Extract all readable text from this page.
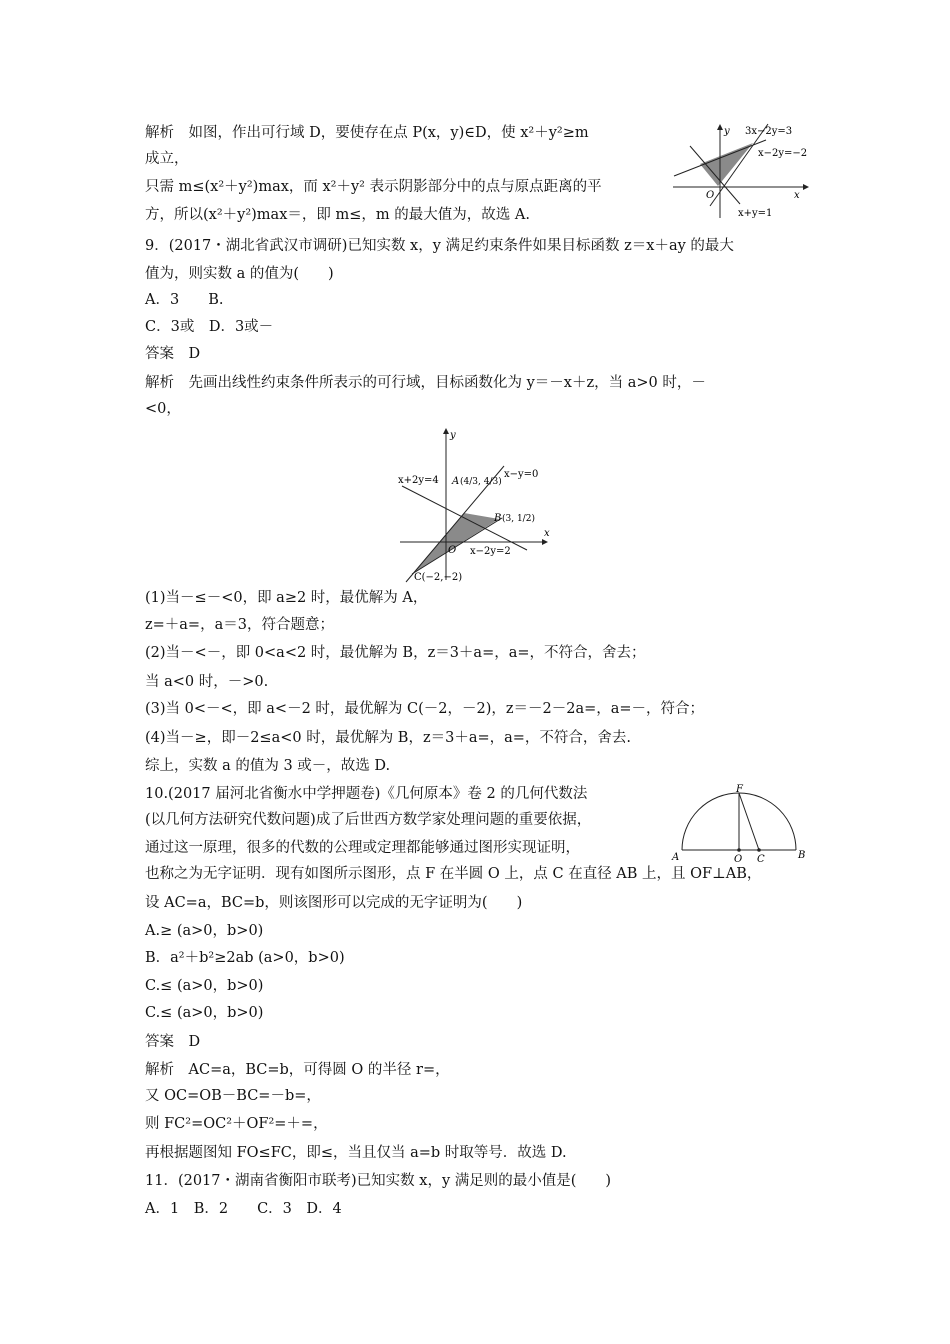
解析　如图，作出可行域 D，要使存在点 P(x，y)∈D，使 x²＋y²≥m
成立，
只需 m≤(x²＋y²)max，而 x²＋y² 表示阴影部分中的点与原点距离的平
方，所以(x²＋y²)max＝，即 m≤，m 的最大值为，故选 A.
9．(2017・湖北省武汉市调研)已知实数 x，y 满足约束条件如果目标函数 z＝x＋ay 的最大
值为，则实数 a 的值为(　　)
A．3　　B.
C．3或　D．3或－
答案　D
解析　先画出线性约束条件所表示的可行域，目标函数化为 y＝－x＋z，当 a>0 时，－
<0，
(1)当－≤－<0，即 a≥2 时，最优解为 A，
z=＋a=，a＝3，符合题意；
(2)当－<－，即 0<a<2 时，最优解为 B，z＝3＋a=，a=，不符合，舍去；
当 a<0 时，－>0.
(3)当 0<－<，即 a<－2 时，最优解为 C(－2，－2)，z＝－2－2a=，a=－，符合；
(4)当－≥，即－2≤a<0 时，最优解为 B，z＝3＋a=，a=，不符合，舍去.
综上，实数 a 的值为 3 或－，故选 D.
10.(2017 届河北省衡水中学押题卷)《几何原本》卷 2 的几何代数法
(以几何方法研究代数问题)成了后世西方数学家处理问题的重要依据，
通过这一原理，很多的代数的公理或定理都能够通过图形实现证明，
也称之为无字证明．现有如图所示图形，点 F 在半圆 O 上，点 C 在直径 AB 上，且 OF⊥AB，
设 AC=a，BC=b，则该图形可以完成的无字证明为(　　)
A.≥ (a>0，b>0)
B．a²＋b²≥2ab (a>0，b>0)
C.≤ (a>0，b>0)
C.≤ (a>0，b>0)
答案　D
解析　AC=a，BC=b，可得圆 O 的半径 r=，
又 OC=OB－BC=－b=，
则 FC²=OC²＋OF²=＋=，
再根据题图知 FO≤FC，即≤，当且仅当 a=b 时取等号．故选 D.
11．(2017・湖南省衡阳市联考)已知实数 x，y 满足则的最小值是(　　)
A．1　B．2　　C．3　D．4
y
x
O
3x−2y=3
x−2y=−2
x+y=1
y
x
O
x+2y=4
x−y=0
A (4/3, 4/3)
B (3, 1/2)
x−2y=2
C(−2,−2)
F
A	O C	B
